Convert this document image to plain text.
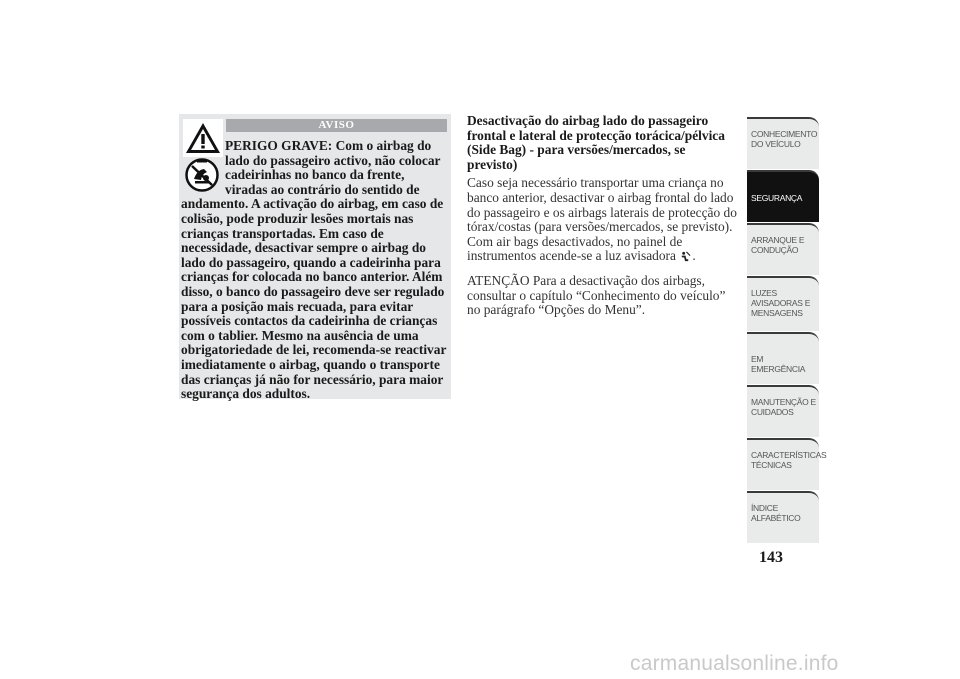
AVISO
PERIGO GRAVE: Com o airbag do lado do passageiro activo, não colocar cadeirinhas no banco da frente, viradas ao contrário do sentido de andamento. A activação do airbag, em caso de colisão, pode produzir lesões mortais nas crianças transportadas. Em caso de necessidade, desactivar sempre o airbag do lado do passageiro, quando a cadeirinha para crianças for colocada no banco anterior. Além disso, o banco do passageiro deve ser regulado para a posição mais recuada, para evitar possíveis contactos da cadeirinha de crianças com o tablier. Mesmo na ausência de uma obrigatoriedade de lei, recomenda-se reactivar imediatamente o airbag, quando o transporte das crianças já não for necessário, para maior segurança dos adultos.
Desactivação do airbag lado do passageiro frontal e lateral de protecção torácica/pélvica (Side Bag) - para versões/mercados, se previsto)

Caso seja necessário transportar uma criança no banco anterior, desactivar o airbag frontal do lado do passageiro e os airbags laterais de protecção do tórax/costas (para versões/mercados, se previsto). Com air bags desactivados, no painel de instrumentos acende-se a luz avisadora .

ATENÇÃO Para a desactivação dos airbags, consultar o capítulo “Conhecimento do veículo” no parágrafo “Opções do Menu”.

CONHECIMENTO DO VEÍCULO
SEGURANÇA
ARRANQUE E CONDUÇÃO
LUZES AVISADORAS E MENSAGENS
EM EMERGÊNCIA
MANUTENÇÃO E CUIDADOS
CARACTERÍSTICAS TÉCNICAS
ÍNDICE ALFABÉTICO
143
carmanualsonline.info
